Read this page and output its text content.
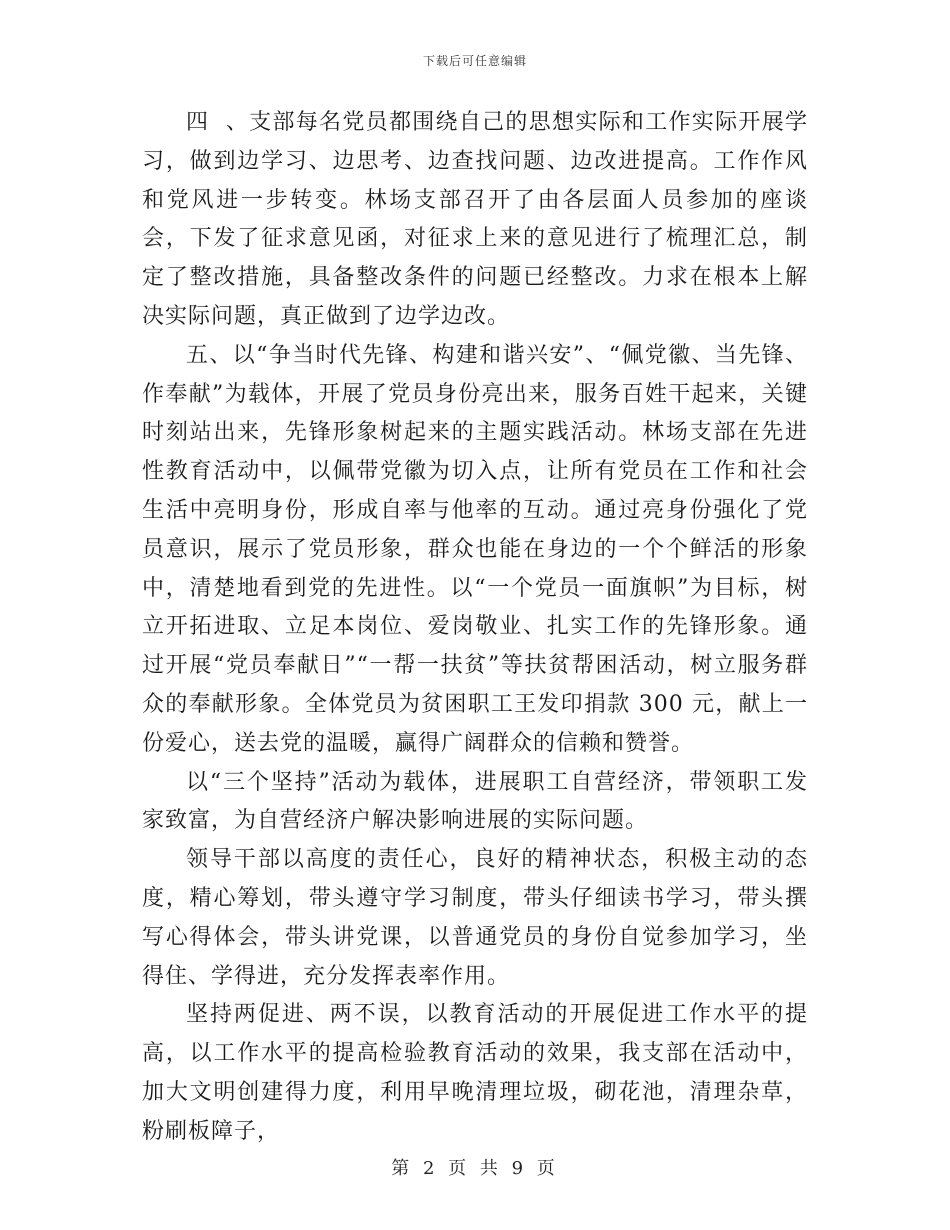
下载后可任意编辑

四  、支部每名党员都围绕自己的思想实际和工作实际开展学习，做到边学习、边思考、边查找问题、边改进提高。工作作风和党风进一步转变。林场支部召开了由各层面人员参加的座谈会，下发了征求意见函，对征求上来的意见进行了梳理汇总，制定了整改措施，具备整改条件的问题已经整改。力求在根本上解决实际问题，真正做到了边学边改。

五、以“争当时代先锋、构建和谐兴安”、“佩党徽、当先锋、作奉献”为载体，开展了党员身份亮出来，服务百姓干起来，关键时刻站出来，先锋形象树起来的主题实践活动。林场支部在先进性教育活动中，以佩带党徽为切入点，让所有党员在工作和社会生活中亮明身份，形成自率与他率的互动。通过亮身份强化了党员意识，展示了党员形象，群众也能在身边的一个个鲜活的形象中，清楚地看到党的先进性。以“一个党员一面旗帜”为目标，树立开拓进取、立足本岗位、爱岗敬业、扎实工作的先锋形象。通过开展“党员奉献日”“一帮一扶贫”等扶贫帮困活动，树立服务群众的奉献形象。全体党员为贫困职工王发印捐款 300 元，献上一份爱心，送去党的温暖，赢得广阔群众的信赖和赞誉。

以“三个坚持”活动为载体，进展职工自营经济，带领职工发家致富，为自营经济户解决影响进展的实际问题。

领导干部以高度的责任心，良好的精神状态，积极主动的态度，精心筹划，带头遵守学习制度，带头仔细读书学习，带头撰写心得体会，带头讲党课，以普通党员的身份自觉参加学习，坐得住、学得进，充分发挥表率作用。

坚持两促进、两不误，以教育活动的开展促进工作水平的提高，以工作水平的提高检验教育活动的效果，我支部在活动中，加大文明创建得力度，利用早晚清理垃圾，砌花池，清理杂草，粉刷板障子，

第 2 页 共 9 页
